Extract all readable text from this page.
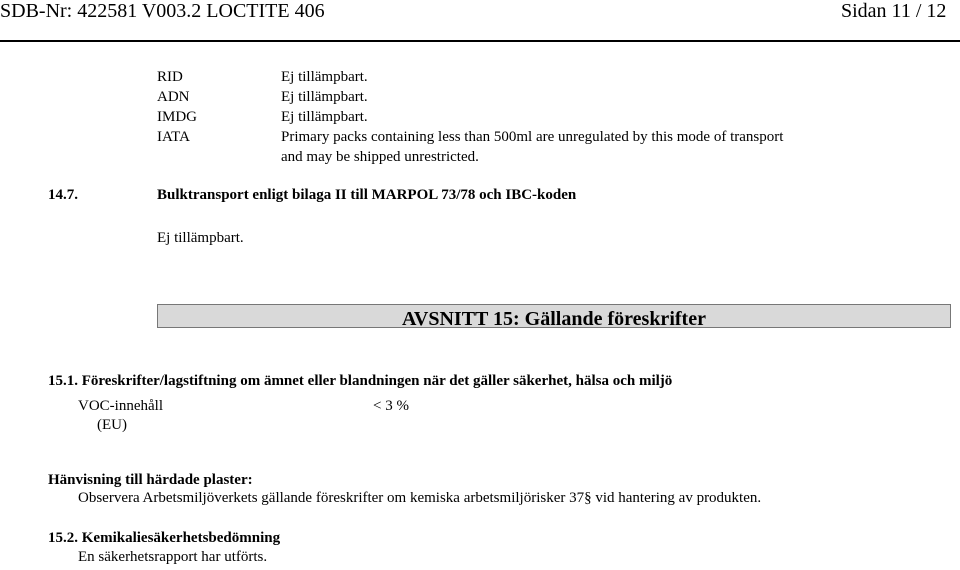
SDB-Nr: 422581 V003.2 LOCTITE 406	Sidan 11 / 12
RID	Ej tillämpbart.
ADN	Ej tillämpbart.
IMDG	Ej tillämpbart.
IATA	Primary packs containing less than 500ml are unregulated by this mode of transport
and may be shipped unrestricted.
14.7.	Bulktransport enligt bilaga II till MARPOL 73/78 och IBC-koden
Ej tillämpbart.
AVSNITT 15: Gällande föreskrifter
15.1. Föreskrifter/lagstiftning om ämnet eller blandningen när det gäller säkerhet, hälsa och miljö
VOC-innehåll	< 3 %
(EU)
Hänvisning till härdade plaster:
Observera Arbetsmiljöverkets gällande föreskrifter om kemiska arbetsmiljörisker 37§ vid hantering av produkten.
15.2. Kemikaliesäkerhetsbedömning
En säkerhetsrapport har utförts.
